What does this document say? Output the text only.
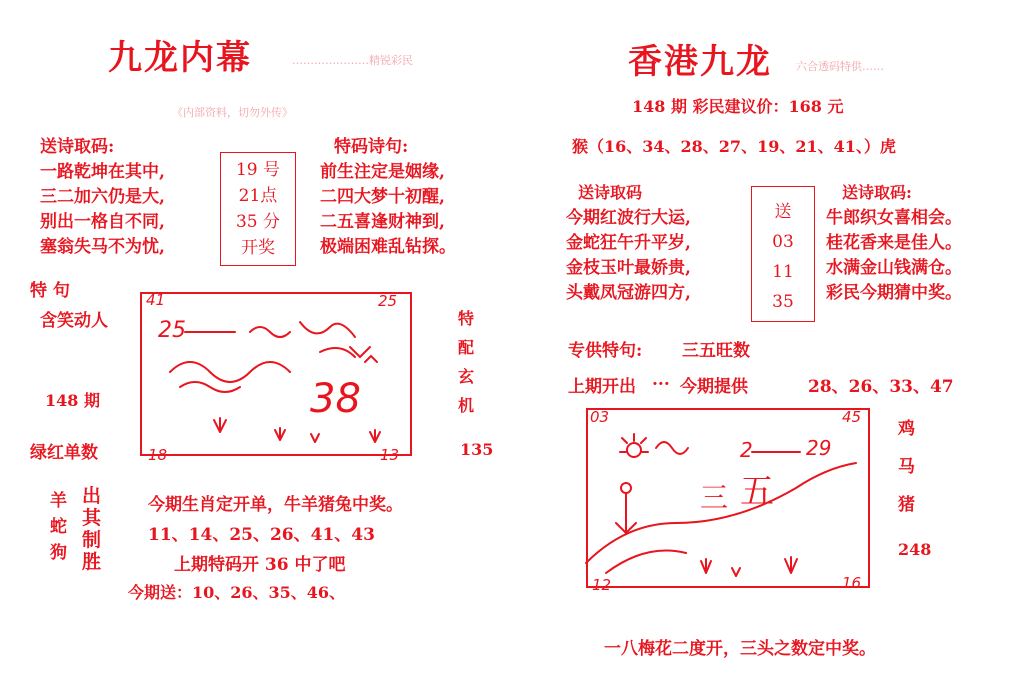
九龙内幕	…………………精锐彩民
《内部资料，切勿外传》
送诗取码:
一路乾坤在其中,
三二加六仍是大,
别出一格自不同,
塞翁失马不为忧,
19 号
21点
35 分
开奖
特码诗句:
前生注定是姻缘,
二四大梦十初醒,
二五喜逢财神到,
极端困难乱钻探。
特 句
含笑动人
148 期
绿红单数
41	25
18	13
25
38
特
配
玄
机
135
羊
蛇
狗
出
其
制
胜
今期生肖定开单，牛羊猪兔中奖。
11、14、25、26、41、43
上期特码开 36 中了吧
今期送：10、26、35、46、
香港九龙 六合透码特供……
148 期 彩民建议价：168 元
猴（16、34、28、27、19、21、41、）虎
送诗取码
今期红波行大运,
金蛇狂午升平岁,
金枝玉叶最娇贵,
头戴凤冠游四方,
送
03
11
35
送诗取码:
牛郎织女喜相会。
桂花香来是佳人。
水满金山钱满仓。
彩民今期猜中奖。
专供特句: 三五旺数
上期开出 ... 今期提供	28、26、33、47
03	45
12	16
2	29
三 五
鸡
马
猪
248
一八梅花二度开，三头之数定中奖。
